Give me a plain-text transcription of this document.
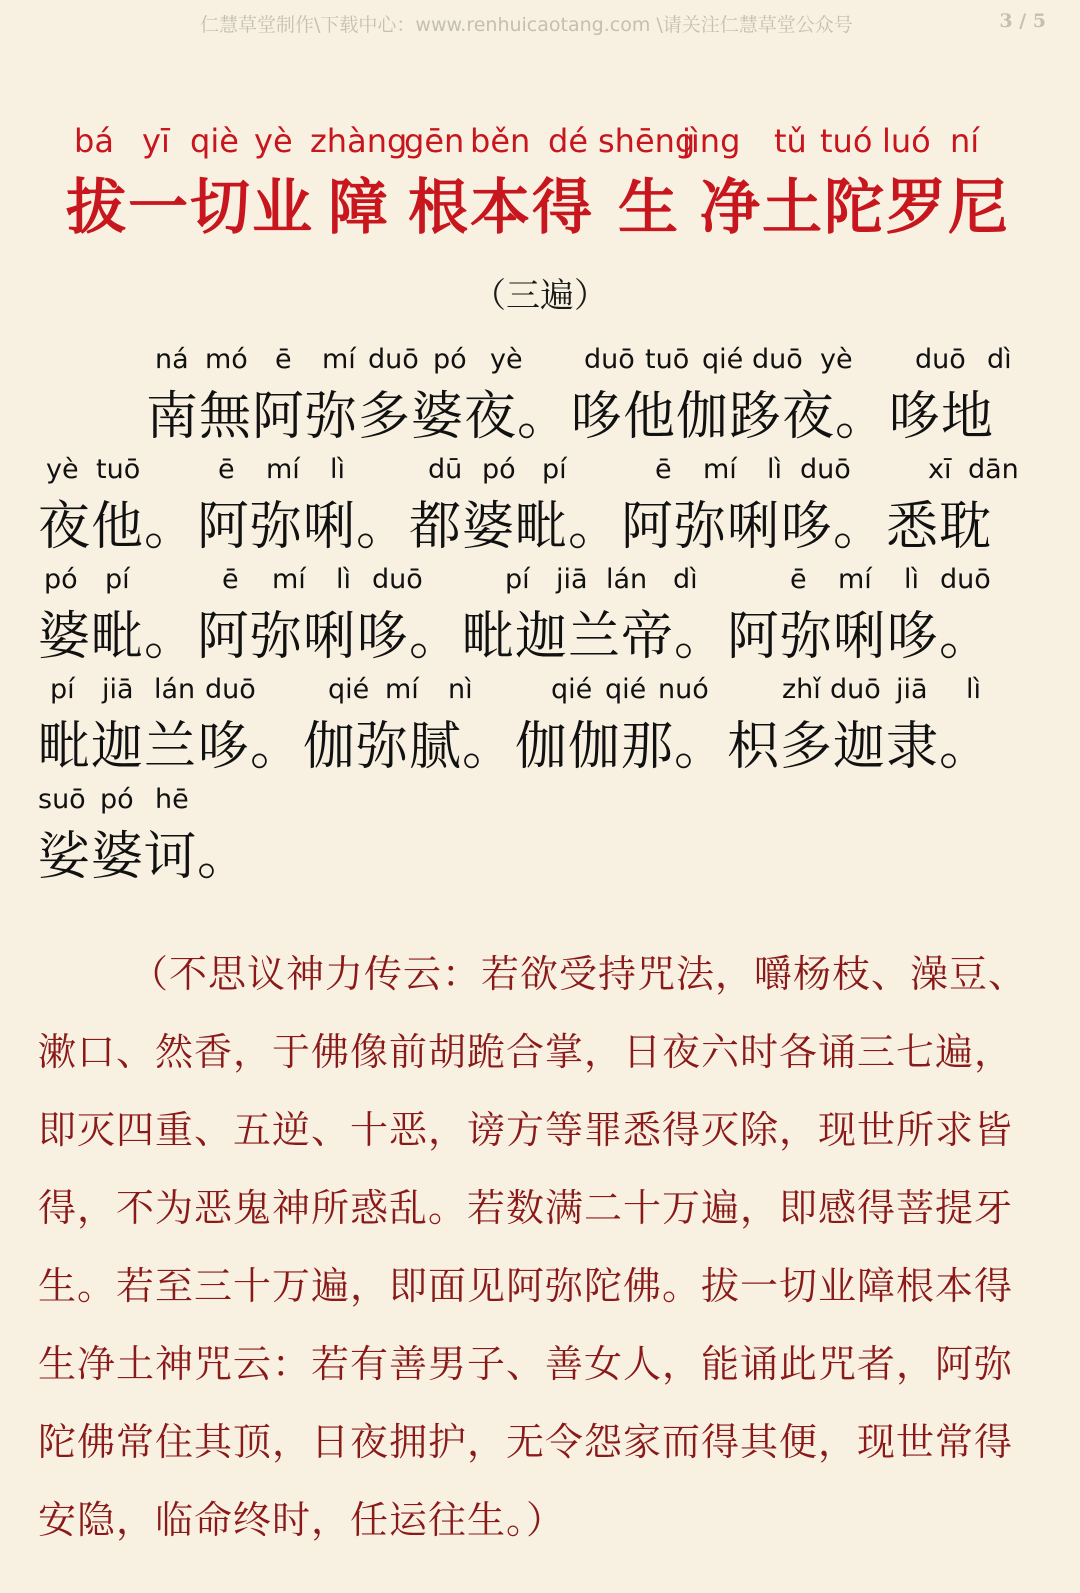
仁慧草堂制作\下载中心：www.renhuicaotang.com \请关注仁慧草堂公众号	3 / 5
bá yī qiè yè zhàng
gēn běn dé shēng
jìng tǔ tuó luó ní
拔一切业 障 根本得 生 净土陀罗尼
（三遍）
ná mó ē mí duō pó yè duō tuō qié duō yè duō dì
南無阿弥多婆夜。哆他伽跢夜。哆地
yè tuō	ē mí lì	dū pó pí	ē mí lì duō	xī dān
夜他。阿弥唎。都婆毗。阿弥唎哆。悉耽
pó pí	ē mí lì duō	pí jiā lán dì	ē mí lì duō
婆毗。阿弥唎哆。毗迦兰帝。阿弥唎哆。
pí jiā lán duō	qié mí nì	qié qié nuó	zhǐ duō jiā lì
毗迦兰哆。伽弥腻。伽伽那。枳多迦隶。
suō pó hē
娑婆诃。
（不思议神力传云：若欲受持咒法，嚼杨枝、澡豆、
漱口、然香，于佛像前胡跪合掌，日夜六时各诵三七遍，
即灭四重、五逆、十恶，谤方等罪悉得灭除，现世所求皆
得，不为恶鬼神所惑乱。若数满二十万遍，即感得菩提牙
生。若至三十万遍，即面见阿弥陀佛。拔一切业障根本得
生净土神咒云：若有善男子、善女人，能诵此咒者，阿弥
陀佛常住其顶，日夜拥护，无令怨家而得其便，现世常得
安隐，临命终时，任运往生。）
